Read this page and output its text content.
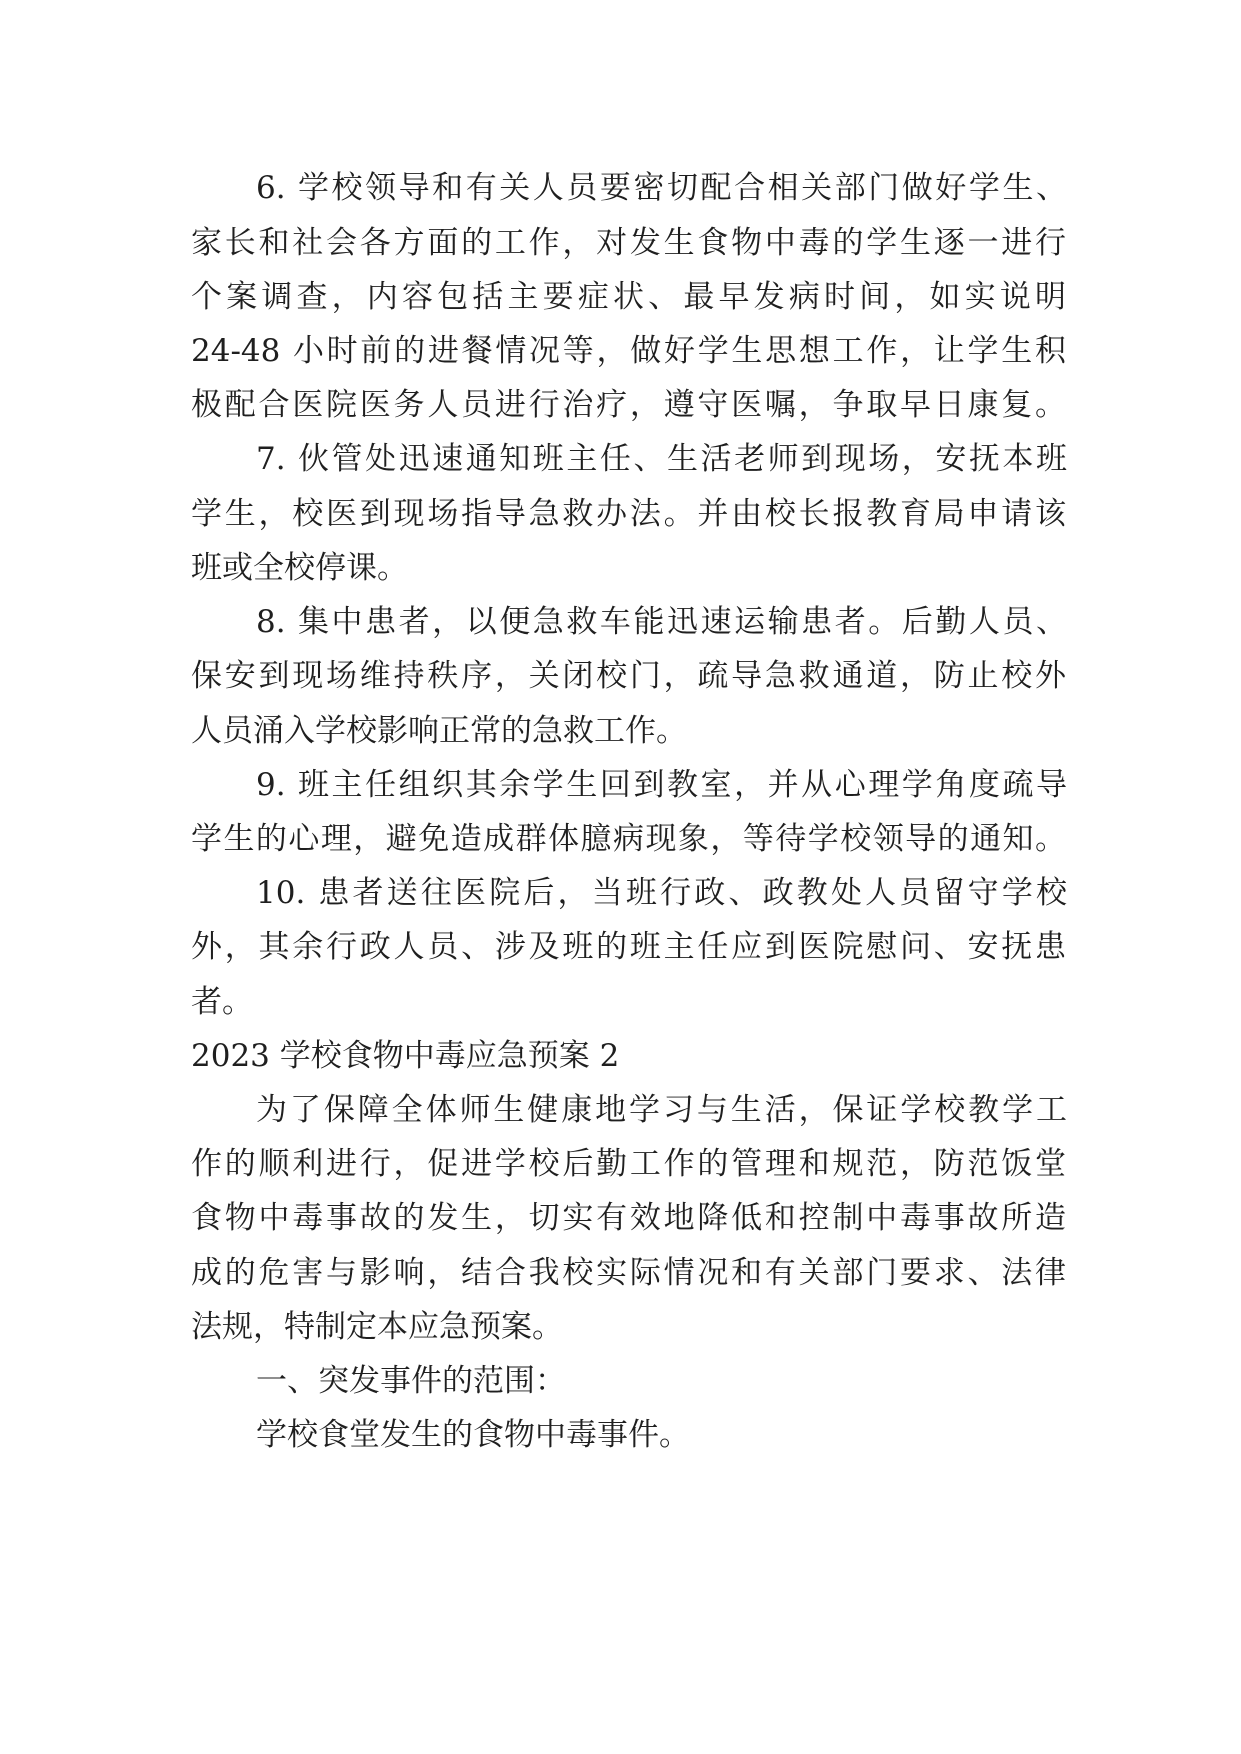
6. 学校领导和有关人员要密切配合相关部门做好学生、
家长和社会各方面的工作，对发生食物中毒的学生逐一进行
个案调查，内容包括主要症状、最早发病时间，如实说明
24-48 小时前的进餐情况等，做好学生思想工作，让学生积
极配合医院医务人员进行治疗，遵守医嘱，争取早日康复。
7. 伙管处迅速通知班主任、生活老师到现场，安抚本班
学生，校医到现场指导急救办法。并由校长报教育局申请该
班或全校停课。
8. 集中患者，以便急救车能迅速运输患者。后勤人员、
保安到现场维持秩序，关闭校门，疏导急救通道，防止校外
人员涌入学校影响正常的急救工作。
9. 班主任组织其余学生回到教室，并从心理学角度疏导
学生的心理，避免造成群体臆病现象，等待学校领导的通知。
10. 患者送往医院后，当班行政、政教处人员留守学校
外，其余行政人员、涉及班的班主任应到医院慰问、安抚患
者。
2023 学校食物中毒应急预案 2
为了保障全体师生健康地学习与生活，保证学校教学工
作的顺利进行，促进学校后勤工作的管理和规范，防范饭堂
食物中毒事故的发生，切实有效地降低和控制中毒事故所造
成的危害与影响，结合我校实际情况和有关部门要求、法律
法规，特制定本应急预案。
一、突发事件的范围：
学校食堂发生的食物中毒事件。
